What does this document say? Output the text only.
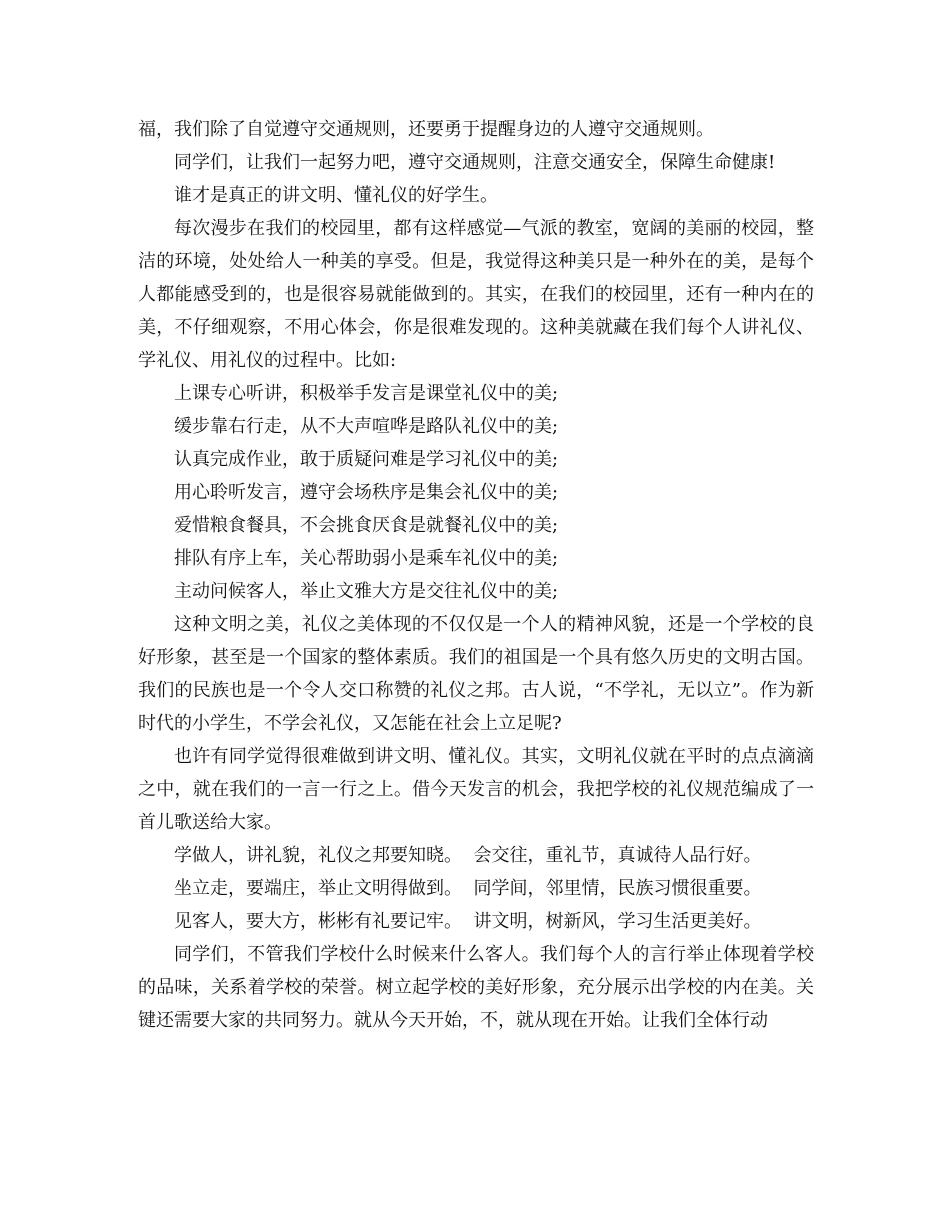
福，我们除了自觉遵守交通规则，还要勇于提醒身边的人遵守交通规则。

同学们，让我们一起努力吧，遵守交通规则，注意交通安全，保障生命健康!

谁才是真正的讲文明、懂礼仪的好学生。

每次漫步在我们的校园里，都有这样感觉—气派的教室，宽阔的美丽的校园，整洁的环境，处处给人一种美的享受。但是，我觉得这种美只是一种外在的美，是每个人都能感受到的，也是很容易就能做到的。其实，在我们的校园里，还有一种内在的美，不仔细观察，不用心体会，你是很难发现的。这种美就藏在我们每个人讲礼仪、学礼仪、用礼仪的过程中。比如:

上课专心听讲，积极举手发言是课堂礼仪中的美;

缓步靠右行走，从不大声喧哗是路队礼仪中的美;

认真完成作业，敢于质疑问难是学习礼仪中的美;

用心聆听发言，遵守会场秩序是集会礼仪中的美;

爱惜粮食餐具，不会挑食厌食是就餐礼仪中的美;

排队有序上车，关心帮助弱小是乘车礼仪中的美;

主动问候客人，举止文雅大方是交往礼仪中的美;

这种文明之美，礼仪之美体现的不仅仅是一个人的精神风貌，还是一个学校的良好形象，甚至是一个国家的整体素质。我们的祖国是一个具有悠久历史的文明古国。我们的民族也是一个令人交口称赞的礼仪之邦。古人说，“不学礼，无以立”。作为新时代的小学生，不学会礼仪，又怎能在社会上立足呢?

也许有同学觉得很难做到讲文明、懂礼仪。其实，文明礼仪就在平时的点点滴滴之中，就在我们的一言一行之上。借今天发言的机会，我把学校的礼仪规范编成了一首儿歌送给大家。

学做人，讲礼貌，礼仪之邦要知晓。  会交往，重礼节，真诚待人品行好。

坐立走，要端庄，举止文明得做到。  同学间，邻里情，民族习惯很重要。

见客人，要大方，彬彬有礼要记牢。  讲文明，树新风，学习生活更美好。

同学们，不管我们学校什么时候来什么客人。我们每个人的言行举止体现着学校的品味，关系着学校的荣誉。树立起学校的美好形象，充分展示出学校的内在美。关键还需要大家的共同努力。就从今天开始，不，就从现在开始。让我们全体行动
